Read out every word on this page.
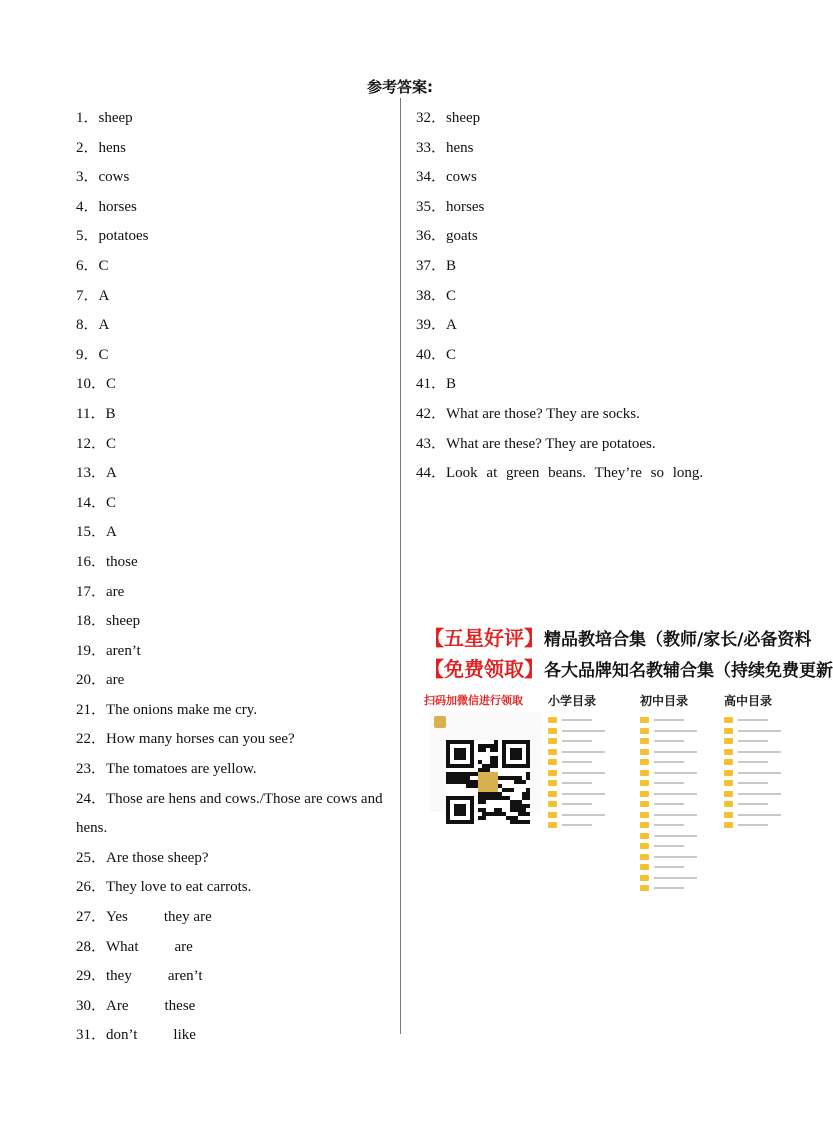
参考答案:
1．sheep
2．hens
3．cows
4．horses
5．potatoes
6．C
7．A
8．A
9．C
10．C
11．B
12．C
13．A
14．C
15．A
16．those
17．are
18．sheep
19．aren’t
20．are
21．The onions make me cry.
22．How many horses can you see?
23．The tomatoes are yellow.
24．Those are hens and cows./Those are cows and hens.
25．Are those sheep?
26．They love to eat carrots.
27．Yes they are
28．What are
29．they aren’t
30．Are these
31．don’t like
32．sheep
33．hens
34．cows
35．horses
36．goats
37．B
38．C
39．A
40．C
41．B
42．What are those? They are socks.
43．What are these? They are potatoes.
44．Look at green beans. They’re so long.
【五星好评】精品教培合集（教师/家长/必备资料
【免费领取】各大品牌知名教辅合集（持续免费更新
扫码加微信进行领取	小学目录	初中目录	高中目录
